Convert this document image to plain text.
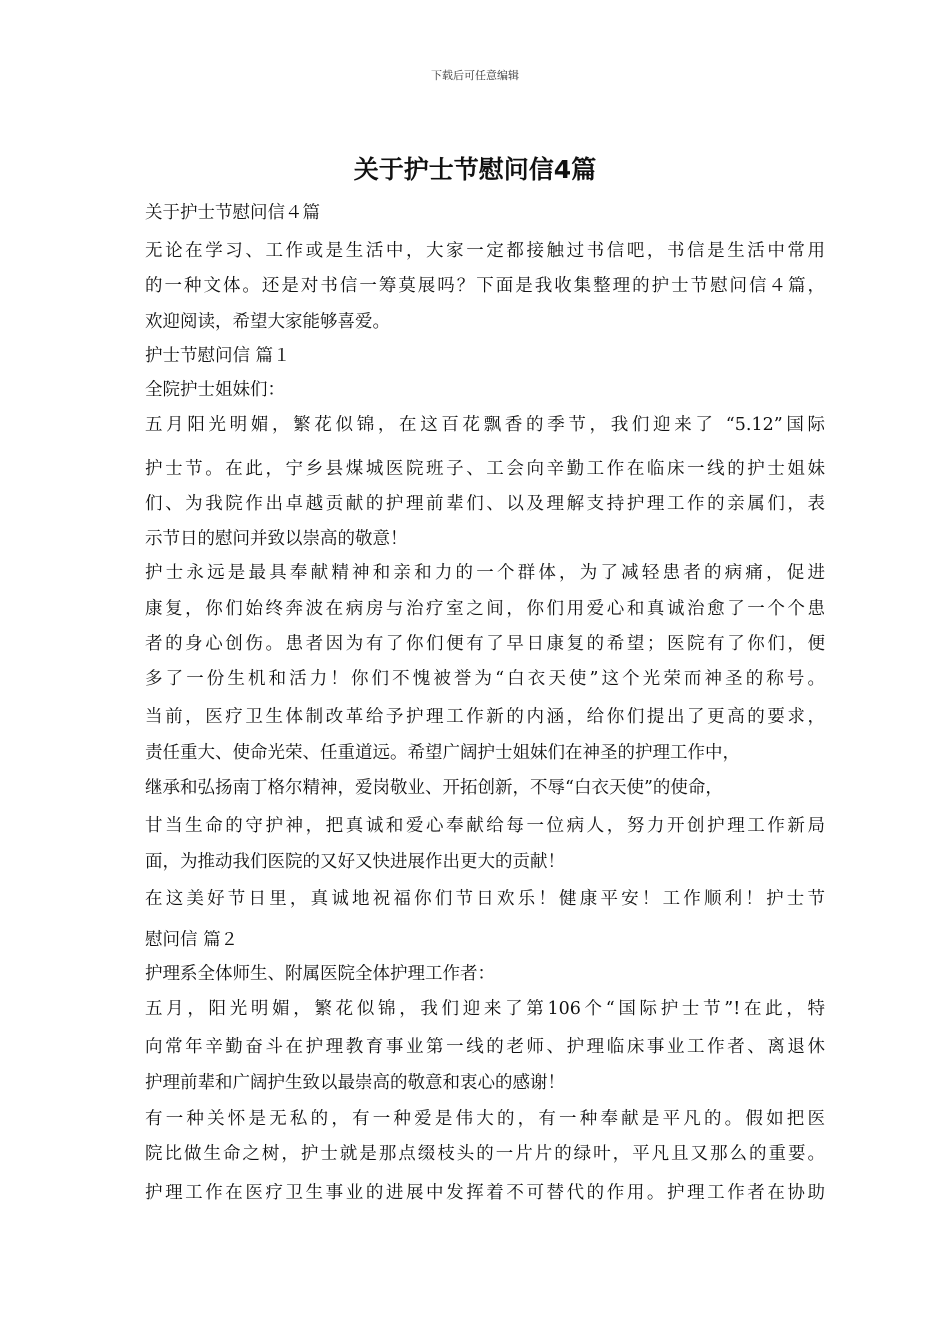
下载后可任意编辑
关于护士节慰问信4篇
关于护士节慰问信４篇
无论在学习、工作或是生活中，大家一定都接触过书信吧，书信是生活中常用
的一种文体。还是对书信一筹莫展吗？下面是我收集整理的护士节慰问信４篇，
欢迎阅读，希望大家能够喜爱。
护士节慰问信 篇１
全院护士姐妹们：
五月阳光明媚，繁花似锦，在这百花飘香的季节，我们迎来了 “5.12”国际
护士节。在此，宁乡县煤城医院班子、工会向辛勤工作在临床一线的护士姐妹
们、为我院作出卓越贡献的护理前辈们、以及理解支持护理工作的亲属们，表
示节日的慰问并致以崇高的敬意！
护士永远是最具奉献精神和亲和力的一个群体，为了减轻患者的病痛，促进
康复，你们始终奔波在病房与治疗室之间，你们用爱心和真诚治愈了一个个患
者的身心创伤。患者因为有了你们便有了早日康复的希望；医院有了你们，便
多了一份生机和活力！你们不愧被誉为“白衣天使”这个光荣而神圣的称号。
当前，医疗卫生体制改革给予护理工作新的内涵，给你们提出了更高的要求，
责任重大、使命光荣、任重道远。希望广阔护士姐妹们在神圣的护理工作中，
继承和弘扬南丁格尔精神，爱岗敬业、开拓创新，不辱“白衣天使”的使命，
甘当生命的守护神，把真诚和爱心奉献给每一位病人，努力开创护理工作新局
面，为推动我们医院的又好又快进展作出更大的贡献！
在这美好节日里，真诚地祝福你们节日欢乐！健康平安！工作顺利！护士节
慰问信 篇２
护理系全体师生、附属医院全体护理工作者：
五月，阳光明媚，繁花似锦，我们迎来了第106个“国际护士节”!在此，特
向常年辛勤奋斗在护理教育事业第一线的老师、护理临床事业工作者、离退休
护理前辈和广阔护生致以最崇高的敬意和衷心的感谢！
有一种关怀是无私的，有一种爱是伟大的，有一种奉献是平凡的。假如把医
院比做生命之树，护士就是那点缀枝头的一片片的绿叶，平凡且又那么的重要。
护理工作在医疗卫生事业的进展中发挥着不可替代的作用。护理工作者在协助
